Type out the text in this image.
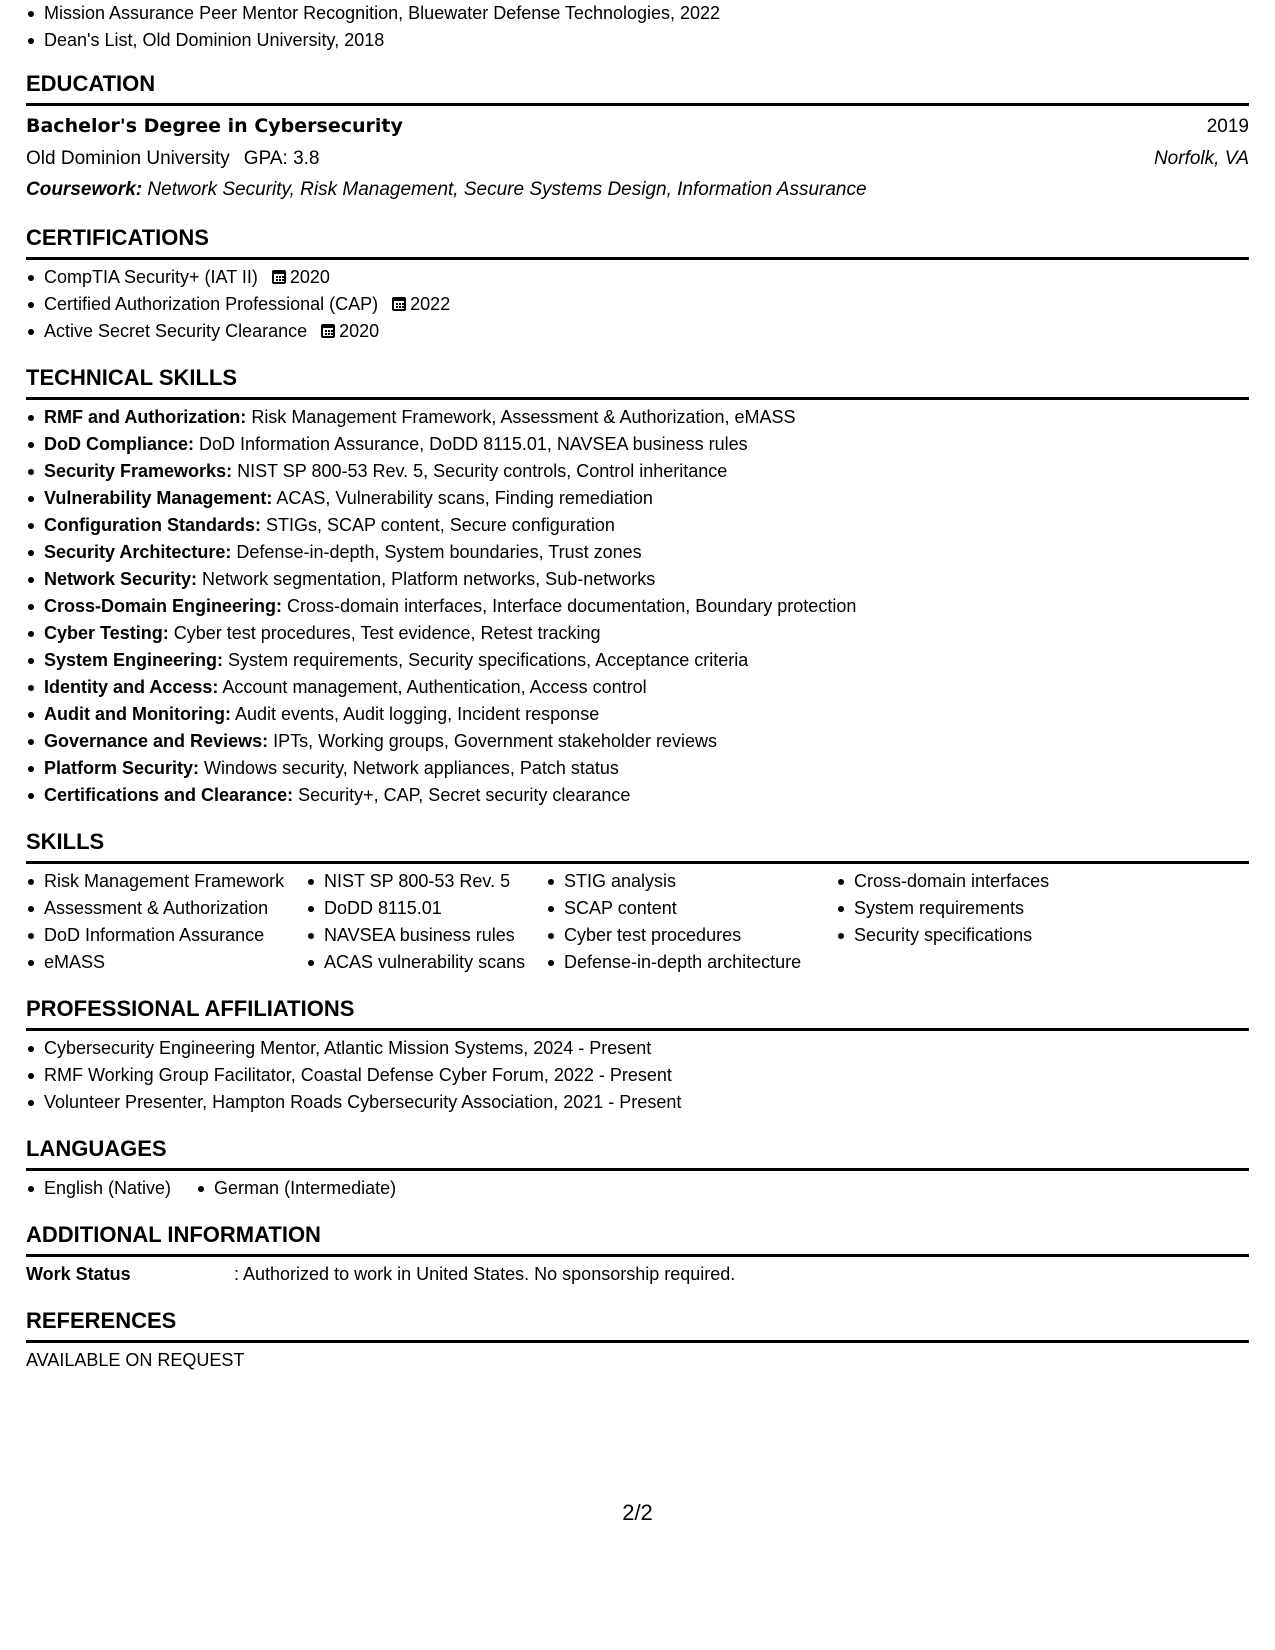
Mission Assurance Peer Mentor Recognition, Bluewater Defense Technologies, 2022
Dean's List, Old Dominion University, 2018
EDUCATION
Bachelor's Degree in Cybersecurity	2019
Old Dominion University GPA: 3.8	Norfolk, VA
Coursework: Network Security, Risk Management, Secure Systems Design, Information Assurance
CERTIFICATIONS
CompTIA Security+ (IAT II) 2020
Certified Authorization Professional (CAP) 2022
Active Secret Security Clearance 2020
TECHNICAL SKILLS
RMF and Authorization: Risk Management Framework, Assessment & Authorization, eMASS
DoD Compliance: DoD Information Assurance, DoDD 8115.01, NAVSEA business rules
Security Frameworks: NIST SP 800-53 Rev. 5, Security controls, Control inheritance
Vulnerability Management: ACAS, Vulnerability scans, Finding remediation
Configuration Standards: STIGs, SCAP content, Secure configuration
Security Architecture: Defense-in-depth, System boundaries, Trust zones
Network Security: Network segmentation, Platform networks, Sub-networks
Cross-Domain Engineering: Cross-domain interfaces, Interface documentation, Boundary protection
Cyber Testing: Cyber test procedures, Test evidence, Retest tracking
System Engineering: System requirements, Security specifications, Acceptance criteria
Identity and Access: Account management, Authentication, Access control
Audit and Monitoring: Audit events, Audit logging, Incident response
Governance and Reviews: IPTs, Working groups, Government stakeholder reviews
Platform Security: Windows security, Network appliances, Patch status
Certifications and Clearance: Security+, CAP, Secret security clearance
SKILLS
Risk Management Framework
Assessment & Authorization
DoD Information Assurance
eMASS
NIST SP 800-53 Rev. 5
DoDD 8115.01
NAVSEA business rules
ACAS vulnerability scans
STIG analysis
SCAP content
Cyber test procedures
Defense-in-depth architecture
Cross-domain interfaces
System requirements
Security specifications
PROFESSIONAL AFFILIATIONS
Cybersecurity Engineering Mentor, Atlantic Mission Systems, 2024 - Present
RMF Working Group Facilitator, Coastal Defense Cyber Forum, 2022 - Present
Volunteer Presenter, Hampton Roads Cybersecurity Association, 2021 - Present
LANGUAGES
English (Native)	German (Intermediate)
ADDITIONAL INFORMATION
Work Status	: Authorized to work in United States. No sponsorship required.
REFERENCES
AVAILABLE ON REQUEST
2/2
